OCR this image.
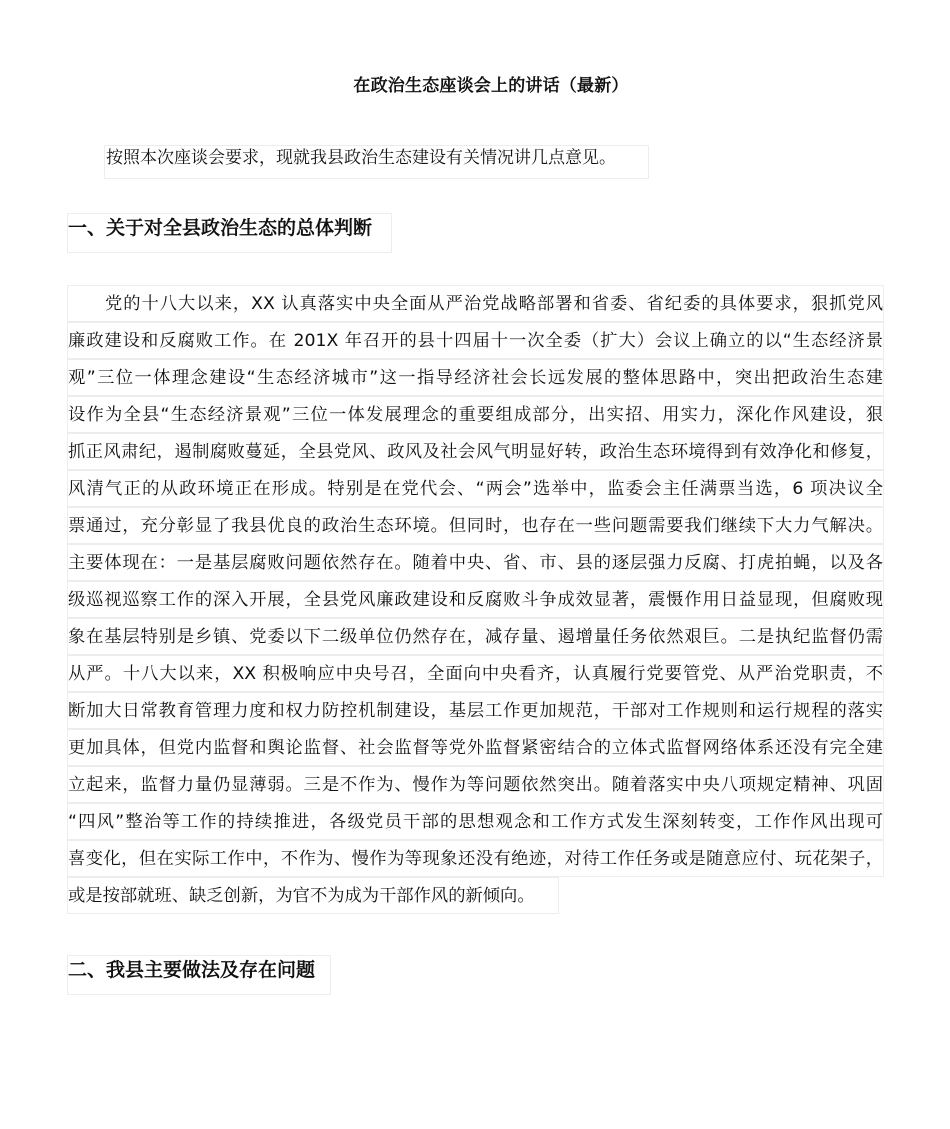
在政治生态座谈会上的讲话（最新）
按照本次座谈会要求，现就我县政治生态建设有关情况讲几点意见。
一、关于对全县政治生态的总体判断
党的十八大以来，XX 认真落实中央全面从严治党战略部署和省委、省纪委的具体要求，狠抓党风
廉政建设和反腐败工作。在 201X 年召开的县十四届十一次全委（扩大）会议上确立的以“生态经济景
观”三位一体理念建设“生态经济城市”这一指导经济社会长远发展的整体思路中，突出把政治生态建
设作为全县“生态经济景观”三位一体发展理念的重要组成部分，出实招、用实力，深化作风建设，狠
抓正风肃纪，遏制腐败蔓延，全县党风、政风及社会风气明显好转，政治生态环境得到有效净化和修复，
风清气正的从政环境正在形成。特别是在党代会、“两会”选举中，监委会主任满票当选，6 项决议全
票通过，充分彰显了我县优良的政治生态环境。但同时，也存在一些问题需要我们继续下大力气解决。
主要体现在：一是基层腐败问题依然存在。随着中央、省、市、县的逐层强力反腐、打虎拍蝇，以及各
级巡视巡察工作的深入开展，全县党风廉政建设和反腐败斗争成效显著，震慑作用日益显现，但腐败现
象在基层特别是乡镇、党委以下二级单位仍然存在，减存量、遏增量任务依然艰巨。二是执纪监督仍需
从严。十八大以来，XX 积极响应中央号召，全面向中央看齐，认真履行党要管党、从严治党职责，不
断加大日常教育管理力度和权力防控机制建设，基层工作更加规范，干部对工作规则和运行规程的落实
更加具体，但党内监督和舆论监督、社会监督等党外监督紧密结合的立体式监督网络体系还没有完全建
立起来，监督力量仍显薄弱。三是不作为、慢作为等问题依然突出。随着落实中央八项规定精神、巩固
“四风”整治等工作的持续推进，各级党员干部的思想观念和工作方式发生深刻转变，工作作风出现可
喜变化，但在实际工作中，不作为、慢作为等现象还没有绝迹，对待工作任务或是随意应付、玩花架子，
或是按部就班、缺乏创新，为官不为成为干部作风的新倾向。
二、我县主要做法及存在问题
